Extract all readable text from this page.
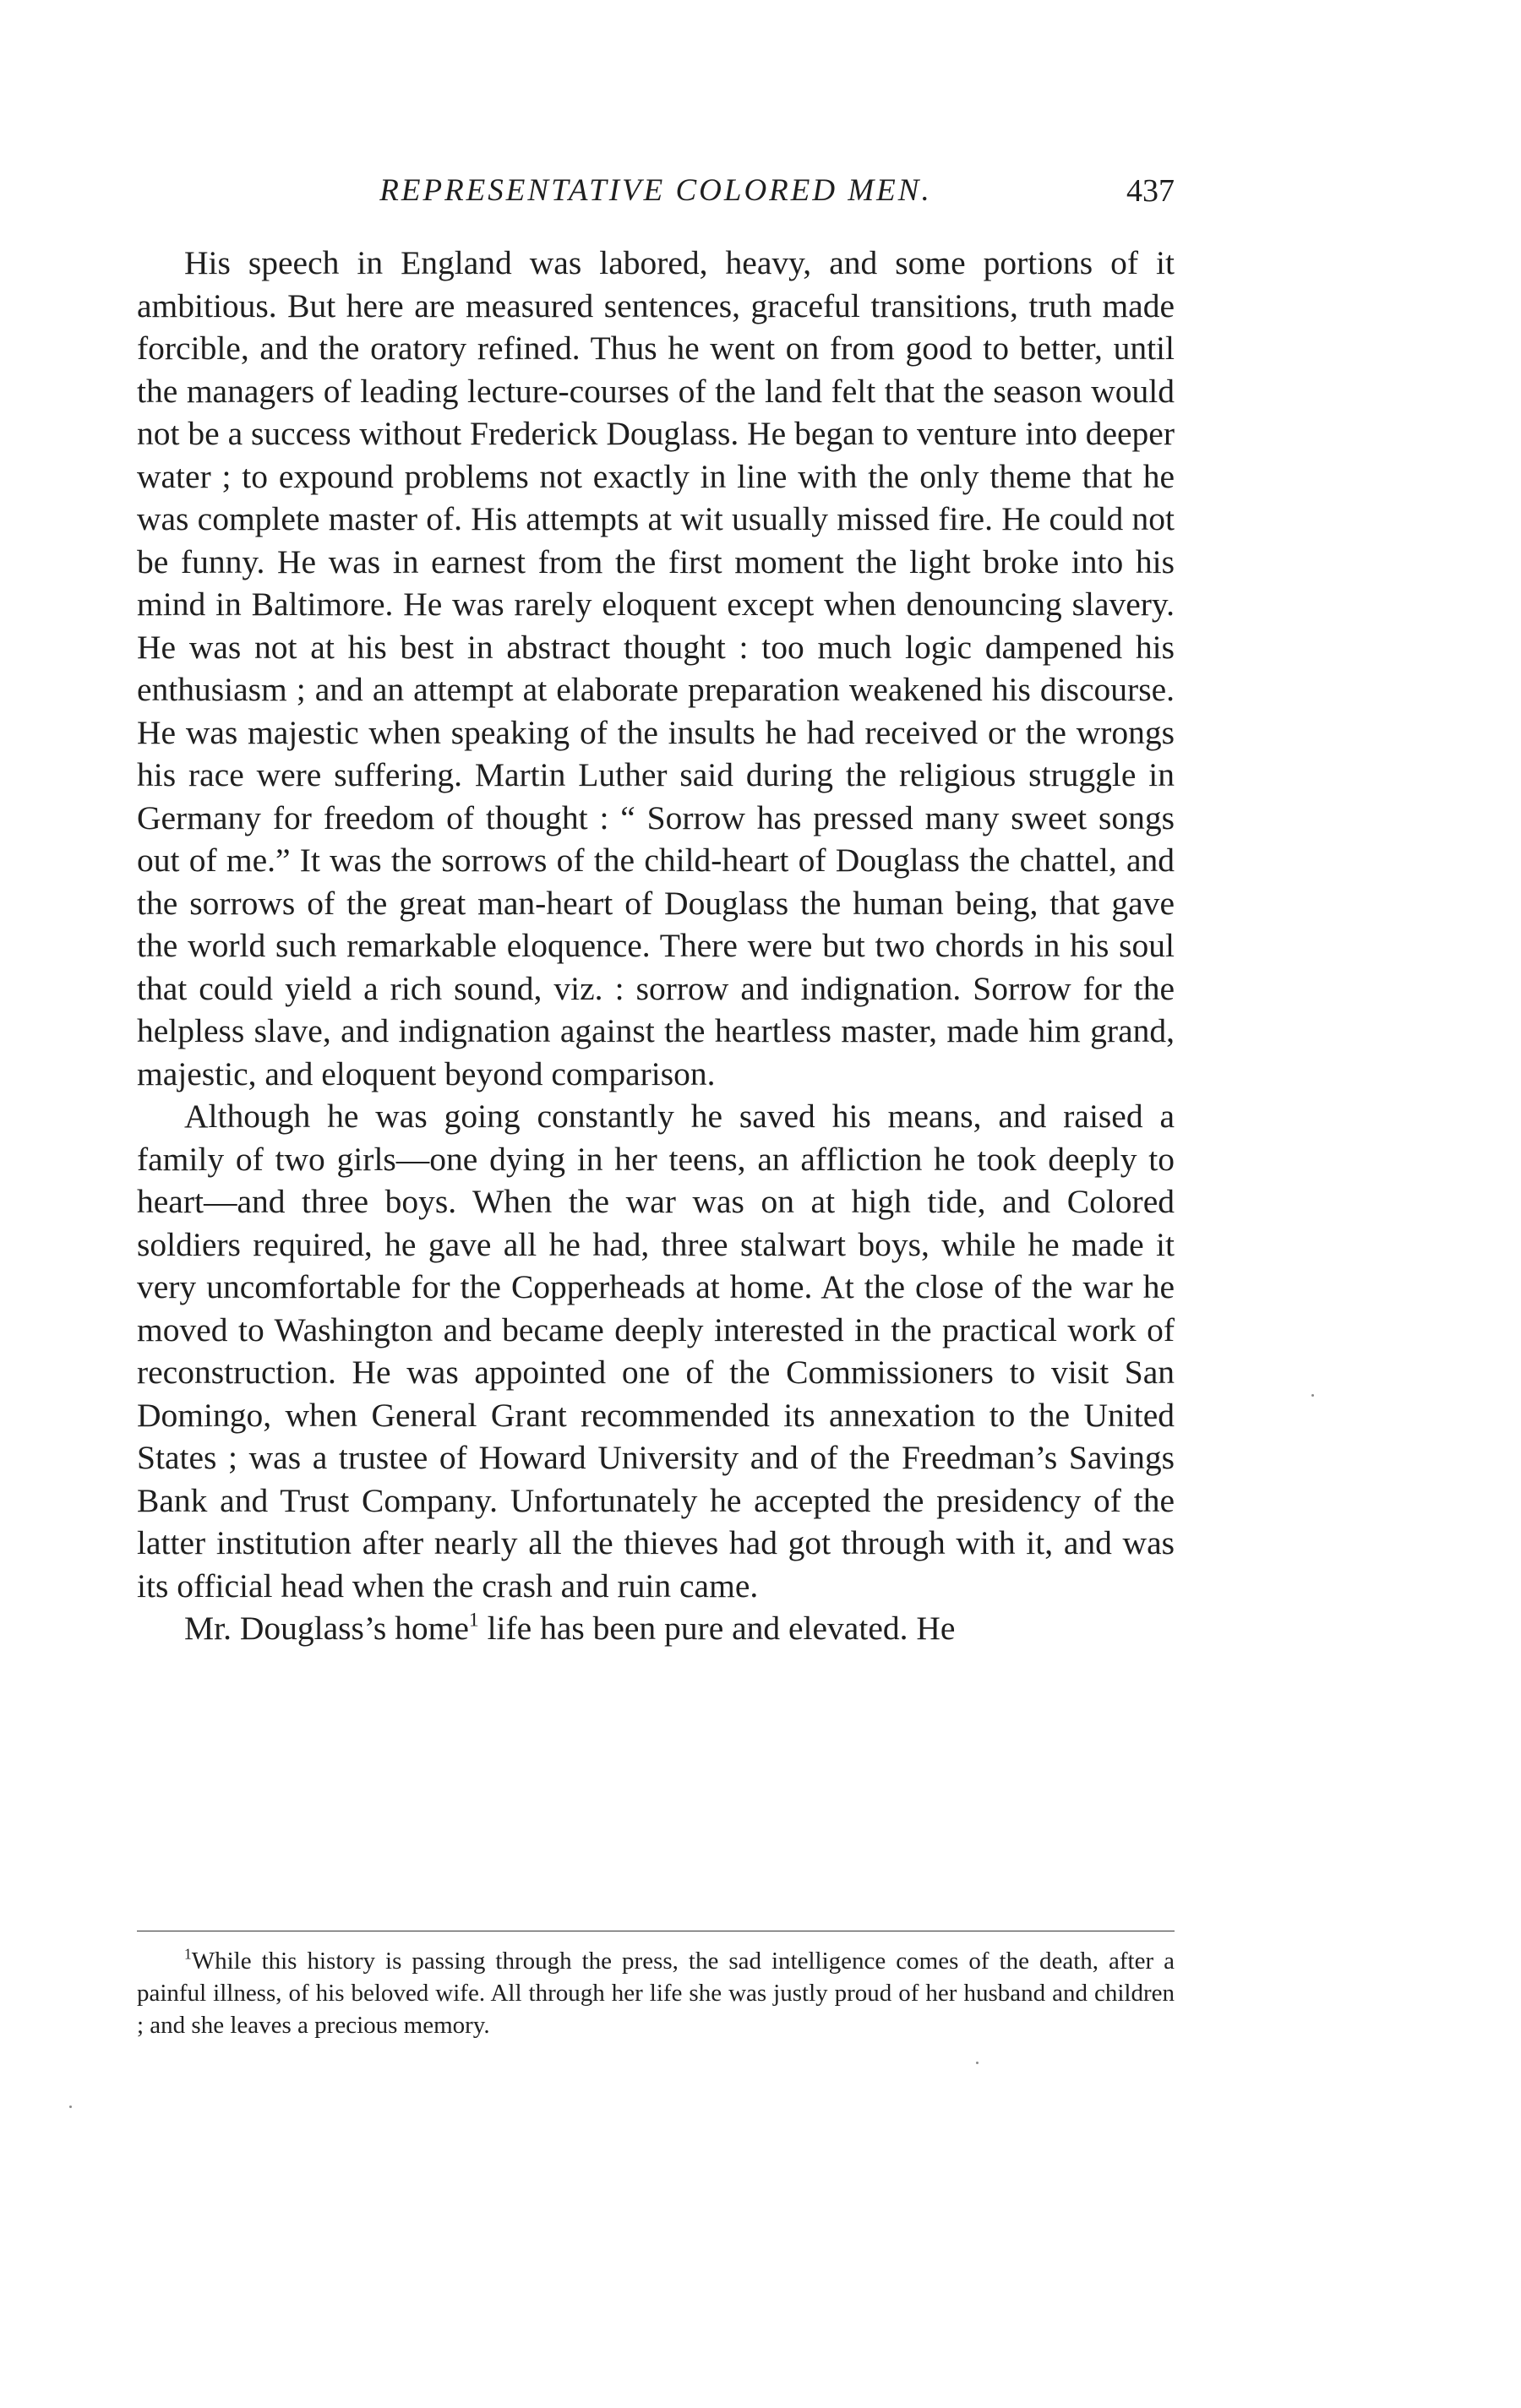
REPRESENTATIVE COLORED MEN.	437

His speech in England was labored, heavy, and some portions of it ambitious. But here are measured sentences, graceful transitions, truth made forcible, and the oratory refined. Thus he went on from good to better, until the managers of leading lecture-courses of the land felt that the season would not be a success without Frederick Douglass. He began to venture into deeper water ; to expound problems not exactly in line with the only theme that he was complete master of. His attempts at wit usually missed fire. He could not be funny. He was in earnest from the first moment the light broke into his mind in Baltimore. He was rarely eloquent except when denouncing slavery. He was not at his best in abstract thought : too much logic dampened his enthusiasm ; and an attempt at elaborate preparation weakened his discourse. He was majestic when speaking of the insults he had received or the wrongs his race were suffering. Martin Luther said during the religious struggle in Germany for freedom of thought : “ Sorrow has pressed many sweet songs out of me.” It was the sorrows of the child-heart of Douglass the chattel, and the sorrows of the great man-heart of Douglass the human being, that gave the world such remarkable eloquence. There were but two chords in his soul that could yield a rich sound, viz. : sorrow and indignation. Sorrow for the helpless slave, and indignation against the heartless master, made him grand, majestic, and eloquent beyond comparison.

Although he was going constantly he saved his means, and raised a family of two girls—one dying in her teens, an affliction he took deeply to heart—and three boys. When the war was on at high tide, and Colored soldiers required, he gave all he had, three stalwart boys, while he made it very uncomfortable for the Copperheads at home. At the close of the war he moved to Washington and became deeply interested in the practical work of reconstruction. He was appointed one of the Commissioners to visit San Domingo, when General Grant recommended its annexation to the United States ; was a trustee of Howard University and of the Freedman’s Savings Bank and Trust Company. Unfortunately he accepted the presidency of the latter institution after nearly all the thieves had got through with it, and was its official head when the crash and ruin came.

Mr. Douglass’s home$^1$ life has been pure and elevated. He

$^1$While this history is passing through the press, the sad intelligence comes of the death, after a painful illness, of his beloved wife. All through her life she was justly proud of her husband and children ; and she leaves a precious memory.
